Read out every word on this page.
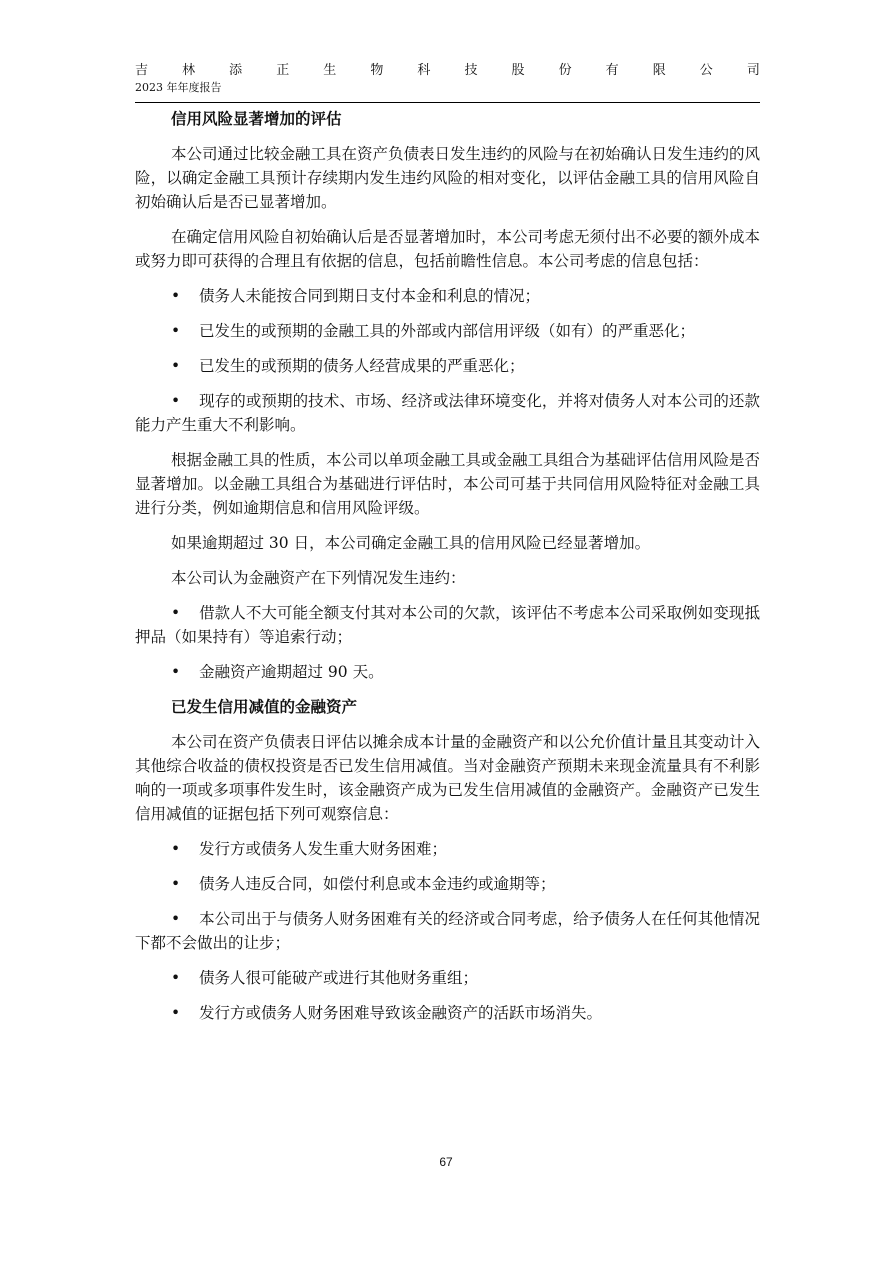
吉	林	添	正	生	物	科	技	股	份	有	限	公	司
2023 年年度报告
信用风险显著增加的评估

本公司通过比较金融工具在资产负债表日发生违约的风险与在初始确认日发生违约的风险，以确定金融工具预计存续期内发生违约风险的相对变化，以评估金融工具的信用风险自初始确认后是否已显著增加。

在确定信用风险自初始确认后是否显著增加时，本公司考虑无须付出不必要的额外成本或努力即可获得的合理且有依据的信息，包括前瞻性信息。本公司考虑的信息包括：

• 债务人未能按合同到期日支付本金和利息的情况；

• 已发生的或预期的金融工具的外部或内部信用评级（如有）的严重恶化；

• 已发生的或预期的债务人经营成果的严重恶化；

• 现存的或预期的技术、市场、经济或法律环境变化，并将对债务人对本公司的还款能力产生重大不利影响。

根据金融工具的性质，本公司以单项金融工具或金融工具组合为基础评估信用风险是否显著增加。以金融工具组合为基础进行评估时，本公司可基于共同信用风险特征对金融工具进行分类，例如逾期信息和信用风险评级。

如果逾期超过 30 日，本公司确定金融工具的信用风险已经显著增加。

本公司认为金融资产在下列情况发生违约：

• 借款人不大可能全额支付其对本公司的欠款，该评估不考虑本公司采取例如变现抵押品（如果持有）等追索行动；

• 金融资产逾期超过 90 天。

已发生信用减值的金融资产

本公司在资产负债表日评估以摊余成本计量的金融资产和以公允价值计量且其变动计入其他综合收益的债权投资是否已发生信用减值。当对金融资产预期未来现金流量具有不利影响的一项或多项事件发生时，该金融资产成为已发生信用减值的金融资产。金融资产已发生信用减值的证据包括下列可观察信息：

• 发行方或债务人发生重大财务困难；

• 债务人违反合同，如偿付利息或本金违约或逾期等；

• 本公司出于与债务人财务困难有关的经济或合同考虑，给予债务人在任何其他情况下都不会做出的让步；

• 债务人很可能破产或进行其他财务重组；

• 发行方或债务人财务困难导致该金融资产的活跃市场消失。

67
